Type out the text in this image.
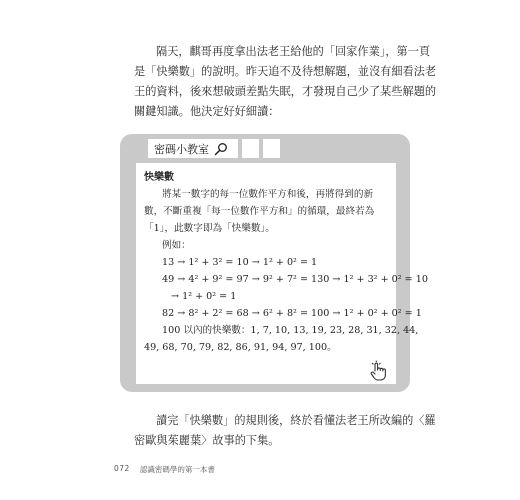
隔天，麒哥再度拿出法老王給他的「回家作業」，第一頁
是「快樂數」的說明。昨天追不及待想解題，並沒有細看法老
王的資料，後來想破頭差點失眠，才發現自己少了某些解題的
關鍵知識。他決定好好細讀：
密碼小教室
快樂數
將某一數字的每一位數作平方和後，再將得到的新
數，不斷重複「每一位數作平方和」的循環，最終若為
「1」，此數字即為「快樂數」。
例如：
13 → 1² + 3² = 10 → 1² + 0² = 1
49 → 4² + 9² = 97 → 9² + 7² = 130 → 1² + 3² + 0² = 10
→ 1² + 0² = 1
82 → 8² + 2² = 68 → 6² + 8² = 100 → 1² + 0² + 0² = 1
100 以內的快樂數：1, 7, 10, 13, 19, 23, 28, 31, 32, 44,
49, 68, 70, 79, 82, 86, 91, 94, 97, 100。
讀完「快樂數」的規則後，終於看懂法老王所改編的〈羅
密歐與茱麗葉〉故事的下集。
072 認識密碼學的第一本書
